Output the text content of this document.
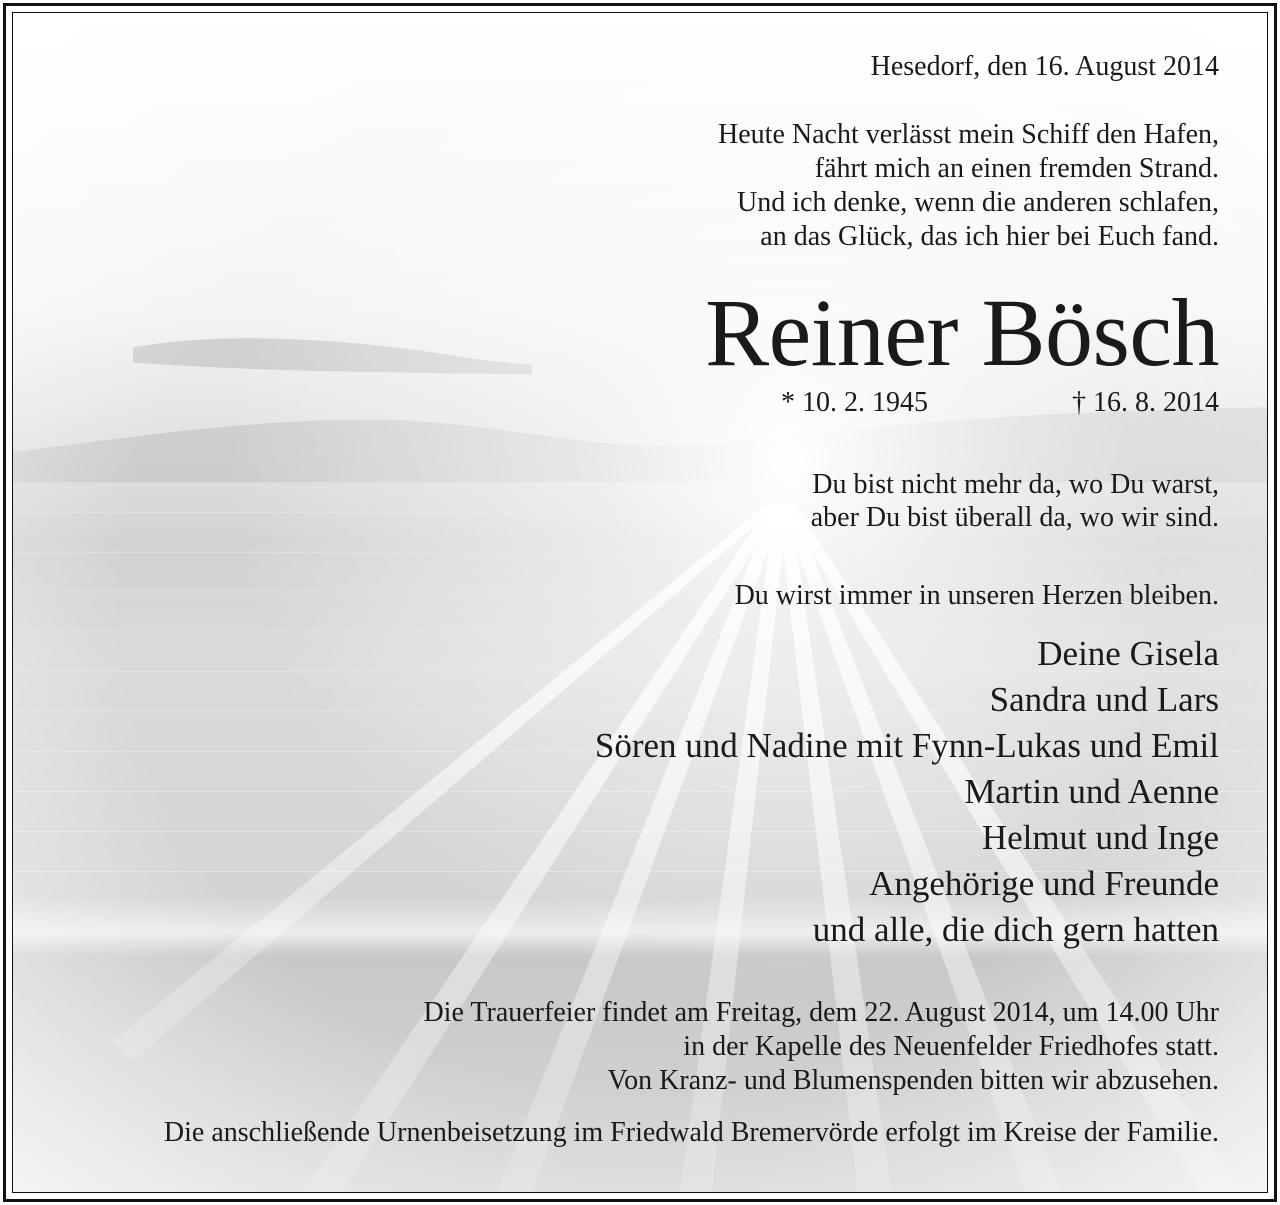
Hesedorf, den 16. August 2014
Heute Nacht verlässt mein Schiff den Hafen,
fährt mich an einen fremden Strand.
Und ich denke, wenn die anderen schlafen,
an das Glück, das ich hier bei Euch fand.
Reiner Bösch
* 10. 2. 1945	† 16. 8. 2014
Du bist nicht mehr da, wo Du warst,
aber Du bist überall da, wo wir sind.
Du wirst immer in unseren Herzen bleiben.
Deine Gisela
Sandra und Lars
Sören und Nadine mit Fynn-Lukas und Emil
Martin und Aenne
Helmut und Inge
Angehörige und Freunde
und alle, die dich gern hatten
Die Trauerfeier findet am Freitag, dem 22. August 2014, um 14.00 Uhr
in der Kapelle des Neuenfelder Friedhofes statt.
Von Kranz- und Blumenspenden bitten wir abzusehen.
Die anschließende Urnenbeisetzung im Friedwald Bremervörde erfolgt im Kreise der Familie.
